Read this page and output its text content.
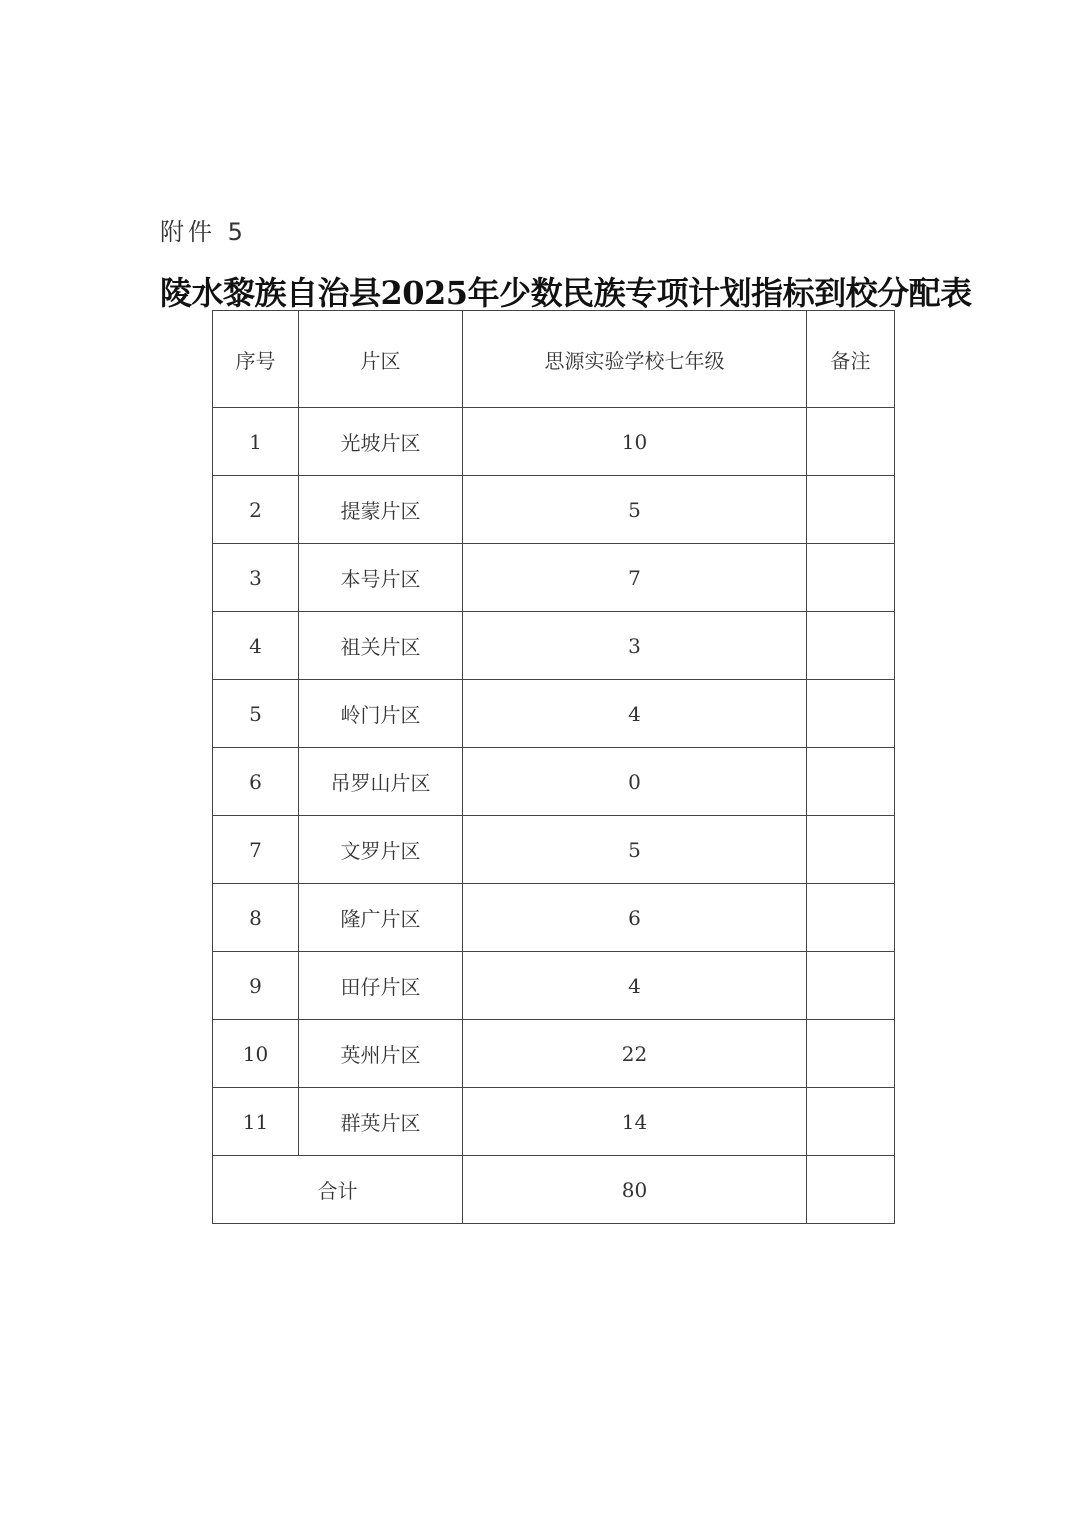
附件 5
陵水黎族自治县2025年少数民族专项计划指标到校分配表
序号	片区	思源实验学校七年级	备注
1	光坡片区	10	
2	提蒙片区	5	
3	本号片区	7	
4	祖关片区	3	
5	岭门片区	4	
6	吊罗山片区	0	
7	文罗片区	5	
8	隆广片区	6	
9	田仔片区	4	
10	英州片区	22	
11	群英片区	14	
合计		80	
